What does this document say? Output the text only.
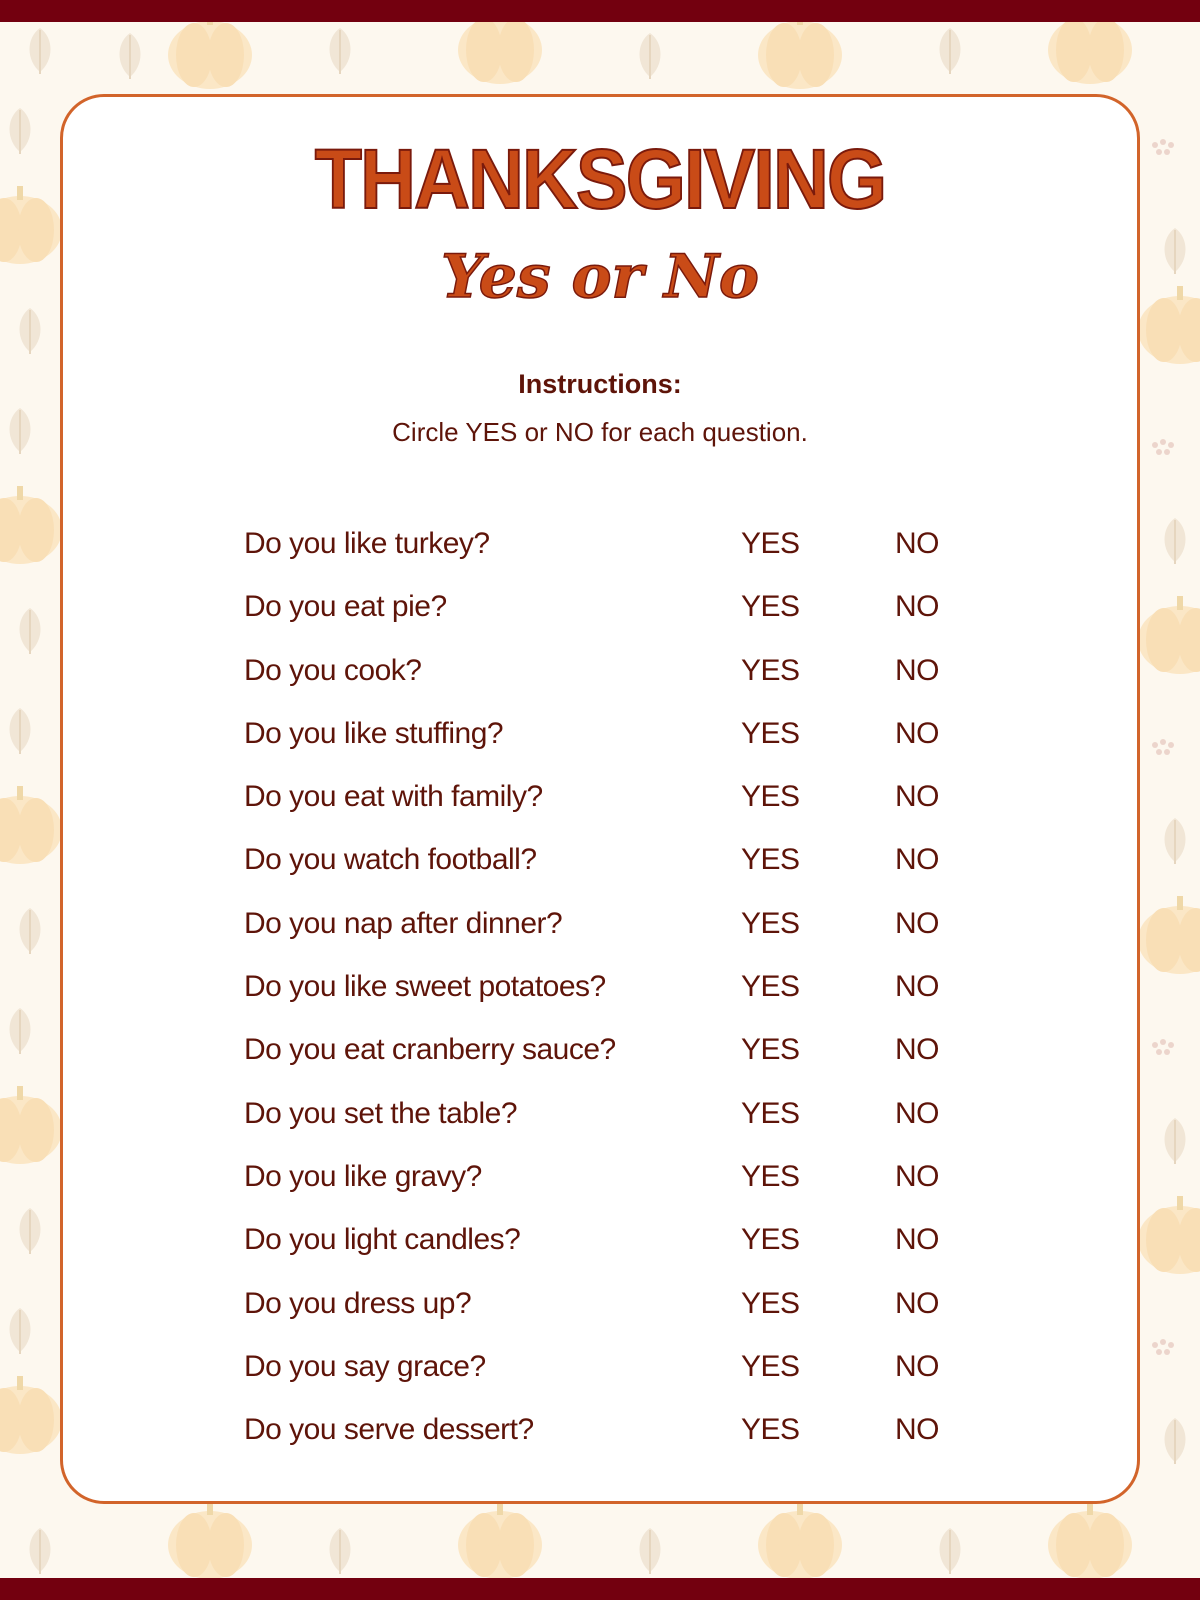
THANKSGIVING
Yes or No
Instructions:
Circle YES or NO for each question.
Do you like turkey?	YES	NO
Do you eat pie?	YES	NO
Do you cook?	YES	NO
Do you like stuffing?	YES	NO
Do you eat with family?	YES	NO
Do you watch football?	YES	NO
Do you nap after dinner?	YES	NO
Do you like sweet potatoes?	YES	NO
Do you eat cranberry sauce?	YES	NO
Do you set the table?	YES	NO
Do you like gravy?	YES	NO
Do you light candles?	YES	NO
Do you dress up?	YES	NO
Do you say grace?	YES	NO
Do you serve dessert?	YES	NO
